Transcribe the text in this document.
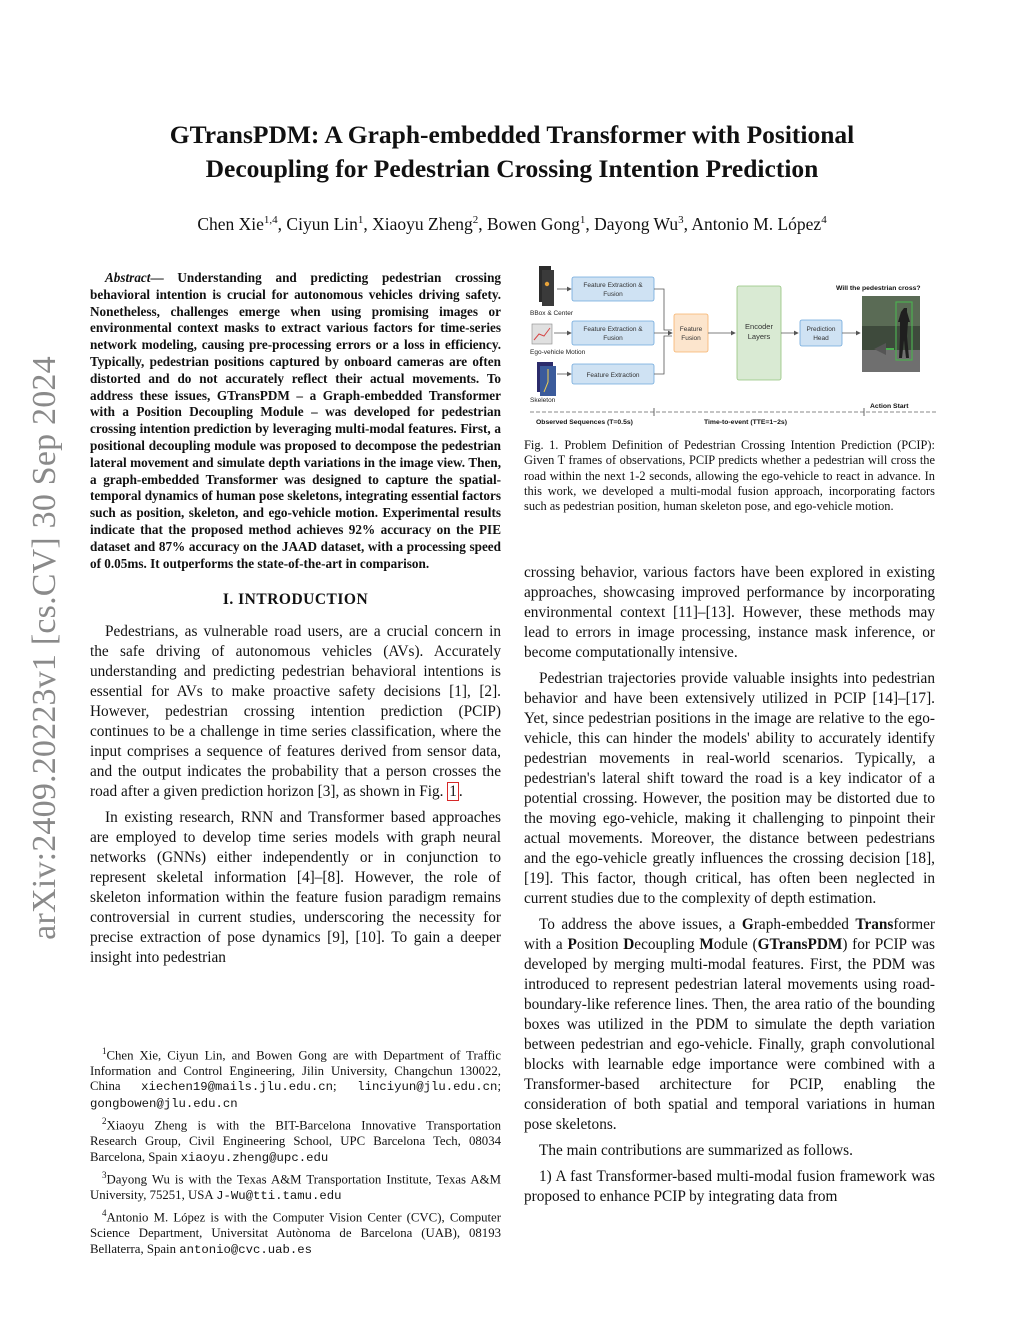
arXiv:2409.20223v1 [cs.CV] 30 Sep 2024
GTransPDM: A Graph-embedded Transformer with Positional Decoupling for Pedestrian Crossing Intention Prediction
Chen Xie$^{1,4}$, Ciyun Lin$^1$, Xiaoyu Zheng$^2$, Bowen Gong$^1$, Dayong Wu$^3$, Antonio M. López$^4$

Abstract— Understanding and predicting pedestrian crossing behavioral intention is crucial for autonomous vehicles driving safety. Nonetheless, challenges emerge when using promising images or environmental context masks to extract various factors for time-series network modeling, causing pre-processing errors or a loss in efficiency. Typically, pedestrian positions captured by onboard cameras are often distorted and do not accurately reflect their actual movements. To address these issues, GTransPDM – a Graph-embedded Transformer with a Position Decoupling Module – was developed for pedestrian crossing intention prediction by leveraging multi-modal features. First, a positional decoupling module was proposed to decompose the pedestrian lateral movement and simulate depth variations in the image view. Then, a graph-embedded Transformer was designed to capture the spatial-temporal dynamics of human pose skeletons, integrating essential factors such as position, skeleton, and ego-vehicle motion. Experimental results indicate that the proposed method achieves 92% accuracy on the PIE dataset and 87% accuracy on the JAAD dataset, with a processing speed of 0.05ms. It outperforms the state-of-the-art in comparison.

I. INTRODUCTION

Pedestrians, as vulnerable road users, are a crucial concern in the safe driving of autonomous vehicles (AVs). Accurately understanding and predicting pedestrian behavioral intentions is essential for AVs to make proactive safety decisions [1], [2]. However, pedestrian crossing intention prediction (PCIP) continues to be a challenge in time series classification, where the input comprises a sequence of features derived from sensor data, and the output indicates the probability that a person crosses the road after a given prediction horizon [3], as shown in Fig. 1 .

In existing research, RNN and Transformer based approaches are employed to develop time series models with graph neural networks (GNNs) either independently or in conjunction to represent skeletal information [4]–[8]. However, the role of skeleton information within the feature fusion paradigm remains controversial in current studies, underscoring the necessity for precise extraction of pose dynamics [9], [10]. To gain a deeper insight into pedestrian

$^1$Chen Xie, Ciyun Lin, and Bowen Gong are with Department of Traffic Information and Control Engineering, Jilin University, Changchun 130022, China xiechen19@mails.jlu.edu.cn; linciyun@jlu.edu.cn; gongbowen@jlu.edu.cn

$^2$Xiaoyu Zheng is with the BIT-Barcelona Innovative Transportation Research Group, Civil Engineering School, UPC Barcelona Tech, 08034 Barcelona, Spain xiaoyu.zheng@upc.edu

$^3$Dayong Wu is with the Texas A&M Transportation Institute, Texas A&M University, 75251, USA J-Wu@tti.tamu.edu

$^4$Antonio M. López is with the Computer Vision Center (CVC), Computer Science Department, Universitat Autònoma de Barcelona (UAB), 08193 Bellaterra, Spain antonio@cvc.uab.es

BBox & Center
Ego-vehicle Motion
Skeleton
Feature Extraction &
Fusion
Feature Extraction &
Fusion
Feature Extraction
Feature
Fusion
Encoder
Layers
Prediction
Head
Will the pedestrian cross?
Action Start
Observed Sequences (T=0.5s)	Time-to-event (TTE=1~2s)
Fig. 1. Problem Definition of Pedestrian Crossing Intention Prediction (PCIP): Given T frames of observations, PCIP predicts whether a pedestrian will cross the road within the next 1-2 seconds, allowing the ego-vehicle to react in advance. In this work, we developed a multi-modal fusion approach, incorporating factors such as pedestrian position, human skeleton pose, and ego-vehicle motion.

crossing behavior, various factors have been explored in existing approaches, showcasing improved performance by incorporating environmental context [11]–[13]. However, these methods may lead to errors in image processing, instance mask inference, or become computationally intensive.

Pedestrian trajectories provide valuable insights into pedestrian behavior and have been extensively utilized in PCIP [14]–[17]. Yet, since pedestrian positions in the image are relative to the ego-vehicle, this can hinder the models' ability to accurately identify pedestrian movements in real-world scenarios. Typically, a pedestrian's lateral shift toward the road is a key indicator of a potential crossing. However, the position may be distorted due to the moving ego-vehicle, making it challenging to pinpoint their actual movements. Moreover, the distance between pedestrians and the ego-vehicle greatly influences the crossing decision [18], [19]. This factor, though critical, has often been neglected in current studies due to the complexity of depth estimation.

To address the above issues, a Graph-embedded Transformer with a Position Decoupling Module (GTransPDM) for PCIP was developed by merging multi-modal features. First, the PDM was introduced to represent pedestrian lateral movements using road-boundary-like reference lines. Then, the area ratio of the bounding boxes was utilized in the PDM to simulate the depth variation between pedestrian and ego-vehicle. Finally, graph convolutional blocks with learnable edge importance were combined with a Transformer-based architecture for PCIP, enabling the consideration of both spatial and temporal variations in human pose skeletons.

The main contributions are summarized as follows.

1) A fast Transformer-based multi-modal fusion framework was proposed to enhance PCIP by integrating data from
